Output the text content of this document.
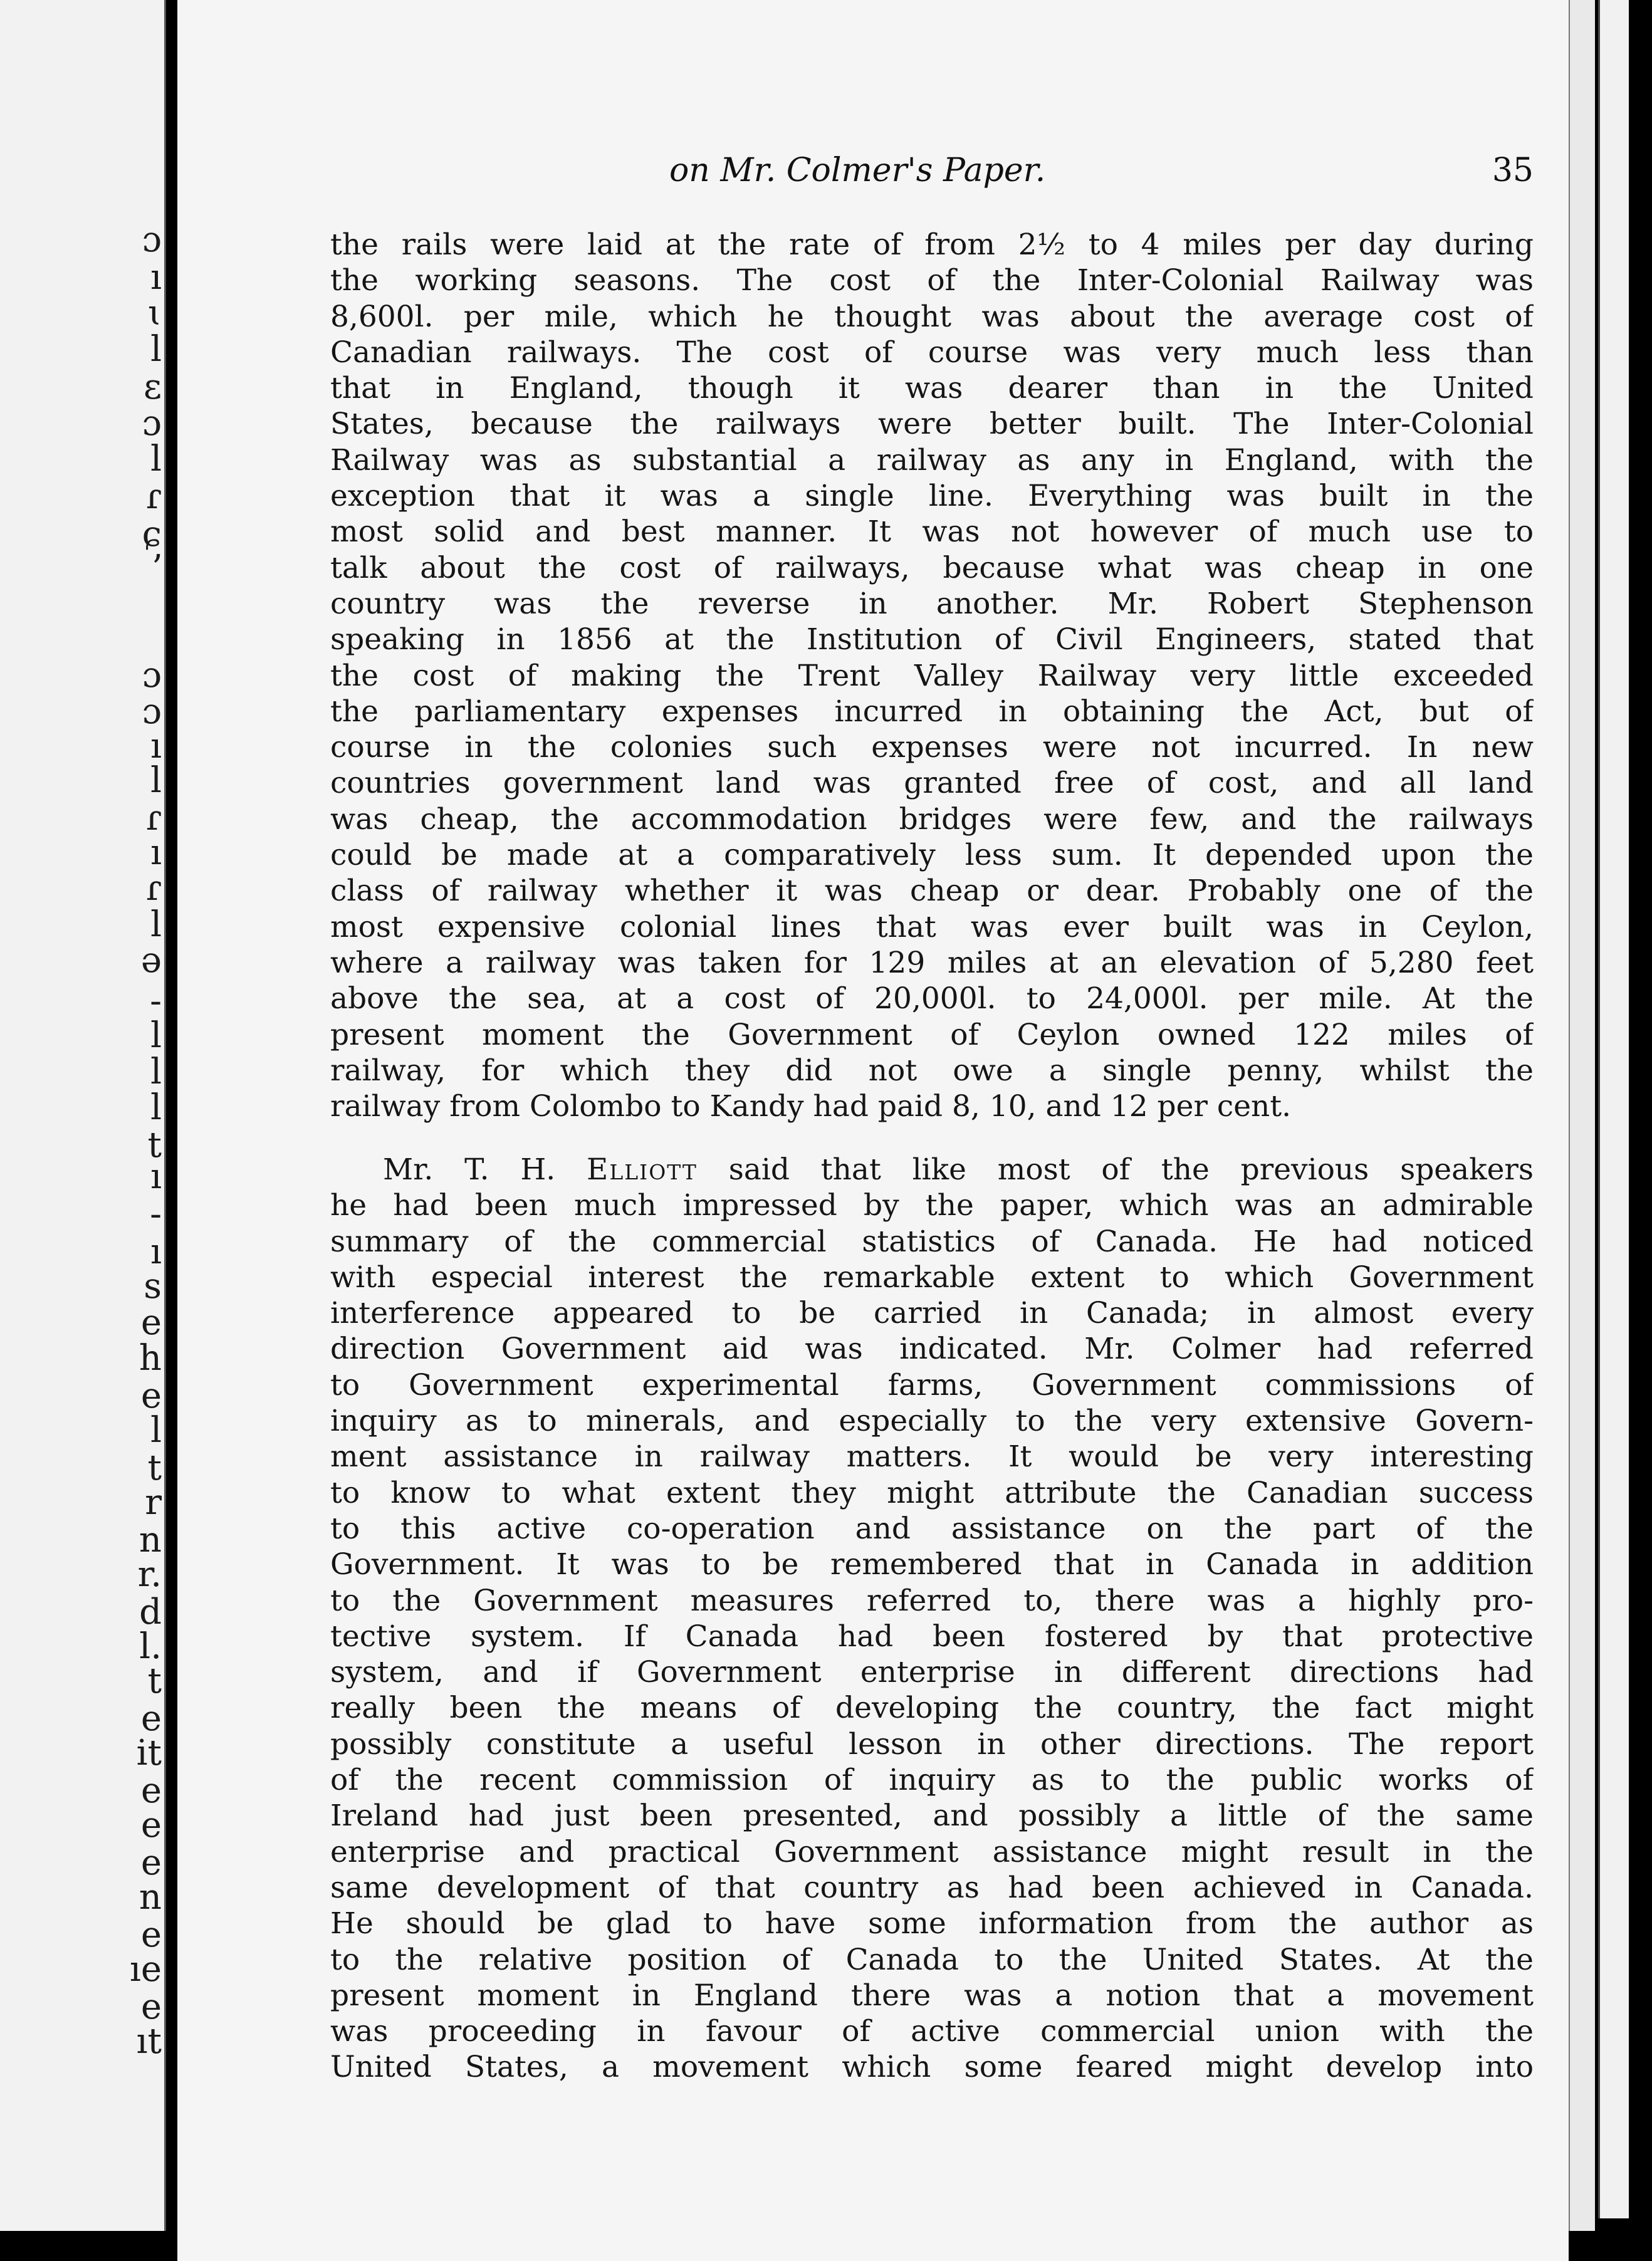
ɔ
ı
ɩ
l
ɛ
ɔ
l
ɾ
ɕ
ʼ
ɔ
ɔ
ı
l
ɾ
ı
ɾ
l
ə
-
l
l
l
t
ı
-
ı
s
e
h
e
l
t
r
n
r.
d
l.
t
e
it
e
e
e
n
e
ıe
e
ıt
on Mr. Colmer's Paper.	35
the rails were laid at the rate of from 2½ to 4 miles per day during
the working seasons. The cost of the Inter-Colonial Railway was
8,600l. per mile, which he thought was about the average cost of
Canadian railways. The cost of course was very much less than
that in England, though it was dearer than in the United
States, because the railways were better built. The Inter-Colonial
Railway was as substantial a railway as any in England, with the
exception that it was a single line. Everything was built in the
most solid and best manner. It was not however of much use to
talk about the cost of railways, because what was cheap in one
country was the reverse in another. Mr. Robert Stephenson
speaking in 1856 at the Institution of Civil Engineers, stated that
the cost of making the Trent Valley Railway very little exceeded
the parliamentary expenses incurred in obtaining the Act, but of
course in the colonies such expenses were not incurred. In new
countries government land was granted free of cost, and all land
was cheap, the accommodation bridges were few, and the railways
could be made at a comparatively less sum. It depended upon the
class of railway whether it was cheap or dear. Probably one of the
most expensive colonial lines that was ever built was in Ceylon,
where a railway was taken for 129 miles at an elevation of 5,280 feet
above the sea, at a cost of 20,000l. to 24,000l. per mile. At the
present moment the Government of Ceylon owned 122 miles of
railway, for which they did not owe a single penny, whilst the
railway from Colombo to Kandy had paid 8, 10, and 12 per cent.
Mr. T. H. Elliott said that like most of the previous speakers
he had been much impressed by the paper, which was an admirable
summary of the commercial statistics of Canada. He had noticed
with especial interest the remarkable extent to which Government
interference appeared to be carried in Canada; in almost every
direction Government aid was indicated. Mr. Colmer had referred
to Government experimental farms, Government commissions of
inquiry as to minerals, and especially to the very extensive Govern-
ment assistance in railway matters. It would be very interesting
to know to what extent they might attribute the Canadian success
to this active co-operation and assistance on the part of the
Government. It was to be remembered that in Canada in addition
to the Government measures referred to, there was a highly pro-
tective system. If Canada had been fostered by that protective
system, and if Government enterprise in different directions had
really been the means of developing the country, the fact might
possibly constitute a useful lesson in other directions. The report
of the recent commission of inquiry as to the public works of
Ireland had just been presented, and possibly a little of the same
enterprise and practical Government assistance might result in the
same development of that country as had been achieved in Canada.
He should be glad to have some information from the author as
to the relative position of Canada to the United States. At the
present moment in England there was a notion that a movement
was proceeding in favour of active commercial union with the
United States, a movement which some feared might develop into
